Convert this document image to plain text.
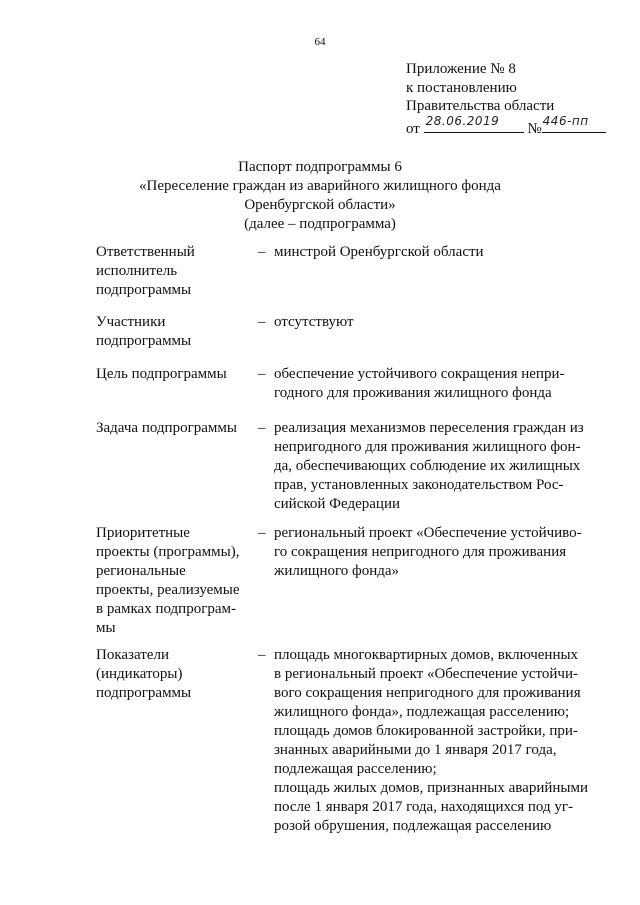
64
Приложение № 8
к постановлению
Правительства области
от 28.06.2019 № 446-пп
Паспорт подпрограммы 6
«Переселение граждан из аварийного жилищного фонда
Оренбургской области»
(далее – подпрограмма)
Ответственный
исполнитель
подпрограммы
– минстрой Оренбургской области
Участники
подпрограммы
– отсутствуют
Цель подпрограммы	– обеспечение устойчивого сокращения непри-
годного для проживания жилищного фонда
Задача подпрограммы	– реализация механизмов переселения граждан из
непригодного для проживания жилищного фон-
да, обеспечивающих соблюдение их жилищных
прав, установленных законодательством Рос-
сийской Федерации
Приоритетные
проекты (программы),
региональные
проекты, реализуемые
в рамках подпрограм-
мы
– региональный проект «Обеспечение устойчиво-
го сокращения непригодного для проживания
жилищного фонда»
Показатели
(индикаторы)
подпрограммы
– площадь многоквартирных домов, включенных
в региональный проект «Обеспечение устойчи-
вого сокращения непригодного для проживания
жилищного фонда», подлежащая расселению;
площадь домов блокированной застройки, при-
знанных аварийными до 1 января 2017 года,
подлежащая расселению;
площадь жилых домов, признанных аварийными
после 1 января 2017 года, находящихся под уг-
розой обрушения, подлежащая расселению
